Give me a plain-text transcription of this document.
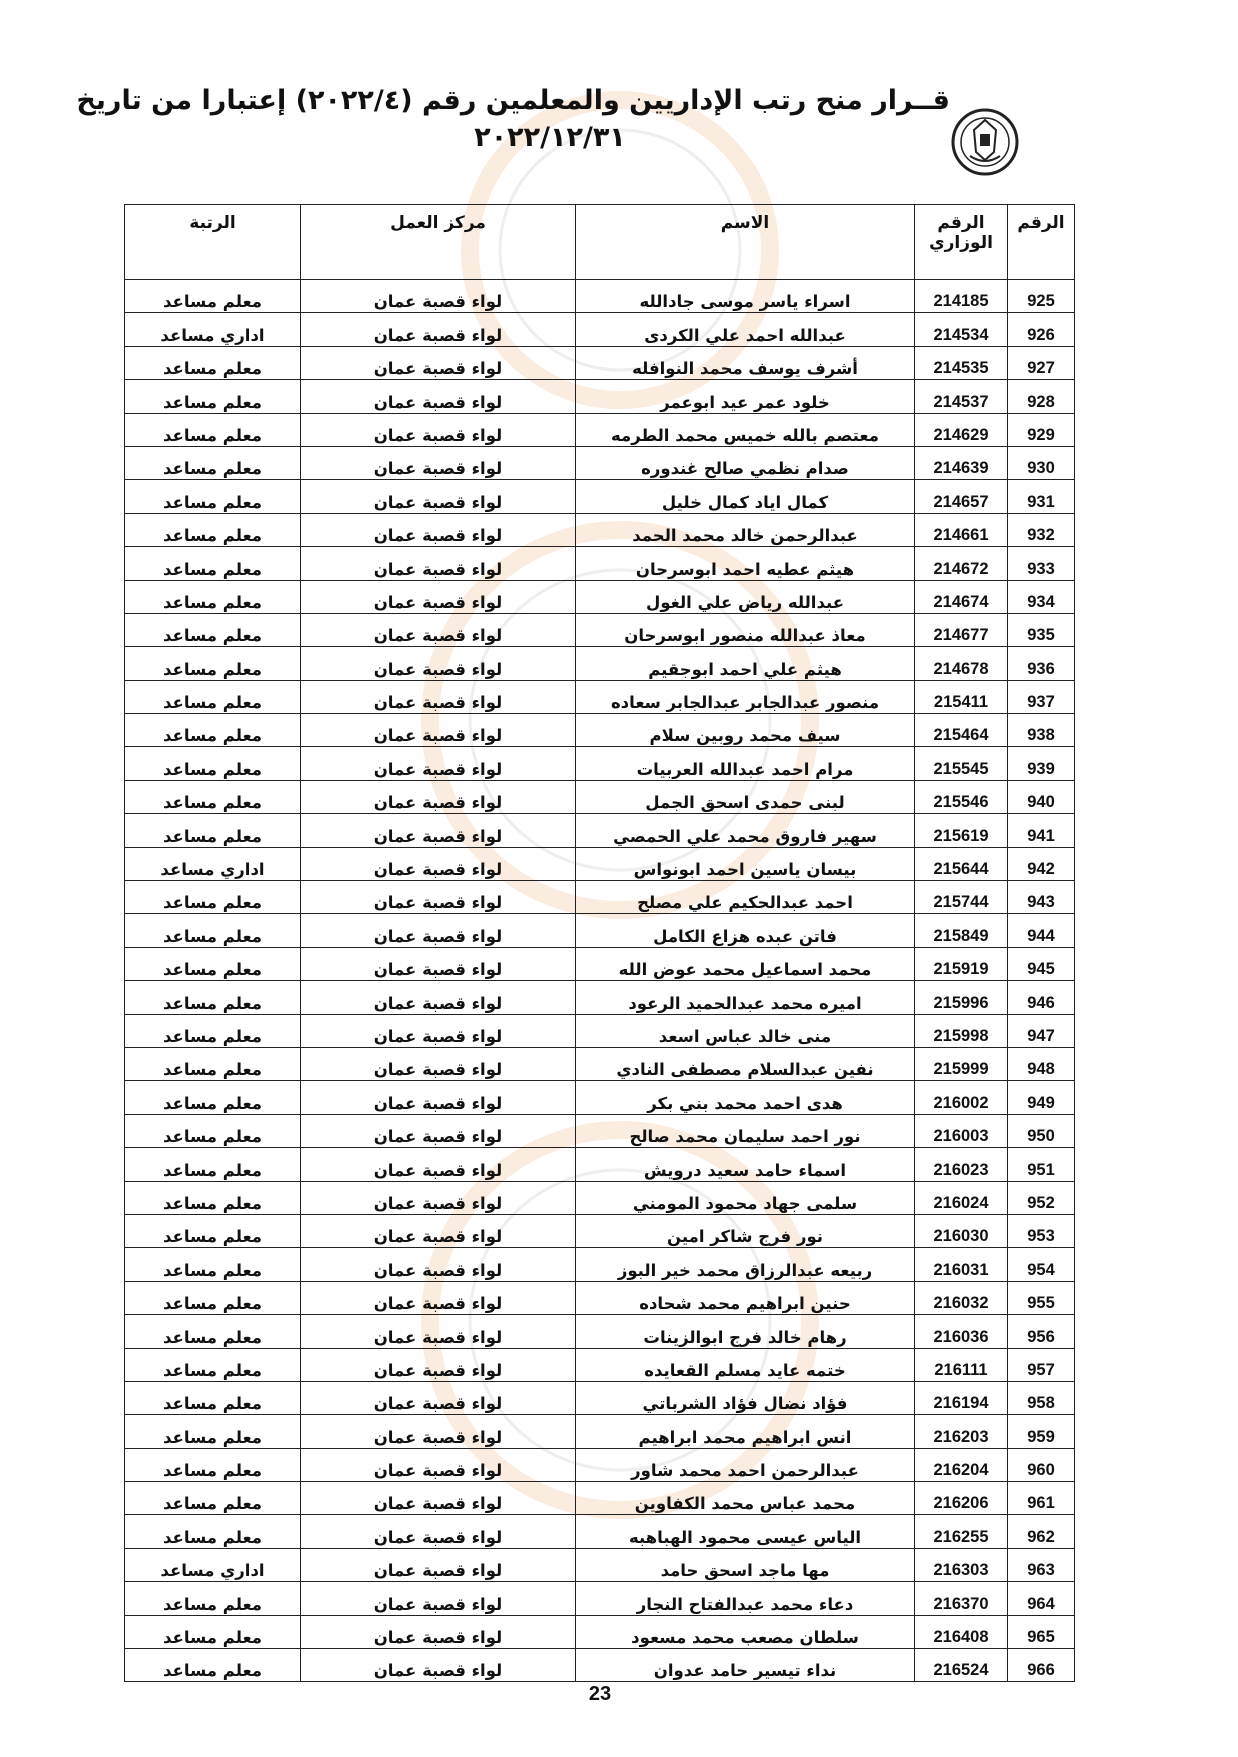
قــرار منح رتب الإداريين والمعلمين رقم (٢٠٢٢/٤) إعتبارا من تاريخ
٢٠٢٢/١٢/٣١
الرقم	الرقم الوزاري	الاسم	مركز العمل	الرتبة
925	214185	اسراء ياسر موسى جادالله	لواء قصبة عمان	معلم مساعد
926	214534	عبدالله احمد علي الكردى	لواء قصبة عمان	اداري مساعد
927	214535	أشرف يوسف محمد النوافله	لواء قصبة عمان	معلم مساعد
928	214537	خلود عمر عيد ابوعمر	لواء قصبة عمان	معلم مساعد
929	214629	معتصم بالله خميس محمد الطرمه	لواء قصبة عمان	معلم مساعد
930	214639	صدام نظمي صالح غندوره	لواء قصبة عمان	معلم مساعد
931	214657	كمال اياد كمال خليل	لواء قصبة عمان	معلم مساعد
932	214661	عبدالرحمن خالد محمد الحمد	لواء قصبة عمان	معلم مساعد
933	214672	هيثم عطيه احمد ابوسرحان	لواء قصبة عمان	معلم مساعد
934	214674	عبدالله رياض علي الغول	لواء قصبة عمان	معلم مساعد
935	214677	معاذ عبدالله منصور ابوسرحان	لواء قصبة عمان	معلم مساعد
936	214678	هيثم علي احمد ابوجقيم	لواء قصبة عمان	معلم مساعد
937	215411	منصور عبدالجابر عبدالجابر سعاده	لواء قصبة عمان	معلم مساعد
938	215464	سيف محمد روبين سلام	لواء قصبة عمان	معلم مساعد
939	215545	مرام احمد عبدالله العربيات	لواء قصبة عمان	معلم مساعد
940	215546	لبنى حمدى اسحق الجمل	لواء قصبة عمان	معلم مساعد
941	215619	سهير فاروق محمد علي الحمصي	لواء قصبة عمان	معلم مساعد
942	215644	بيسان ياسين احمد ابونواس	لواء قصبة عمان	اداري مساعد
943	215744	احمد عبدالحكيم علي مصلح	لواء قصبة عمان	معلم مساعد
944	215849	فاتن عبده هزاع الكامل	لواء قصبة عمان	معلم مساعد
945	215919	محمد اسماعيل محمد عوض الله	لواء قصبة عمان	معلم مساعد
946	215996	اميره محمد عبدالحميد الرعود	لواء قصبة عمان	معلم مساعد
947	215998	منى خالد عباس اسعد	لواء قصبة عمان	معلم مساعد
948	215999	نفين عبدالسلام مصطفى النادي	لواء قصبة عمان	معلم مساعد
949	216002	هدى احمد محمد بني بكر	لواء قصبة عمان	معلم مساعد
950	216003	نور احمد سليمان محمد صالح	لواء قصبة عمان	معلم مساعد
951	216023	اسماء حامد سعيد درويش	لواء قصبة عمان	معلم مساعد
952	216024	سلمى جهاد محمود المومني	لواء قصبة عمان	معلم مساعد
953	216030	نور فرج شاكر امين	لواء قصبة عمان	معلم مساعد
954	216031	ربيعه عبدالرزاق محمد خير البوز	لواء قصبة عمان	معلم مساعد
955	216032	حنين ابراهيم محمد شحاده	لواء قصبة عمان	معلم مساعد
956	216036	رهام خالد فرج ابوالزينات	لواء قصبة عمان	معلم مساعد
957	216111	ختمه عايد مسلم القعايده	لواء قصبة عمان	معلم مساعد
958	216194	فؤاد نضال فؤاد الشرباتي	لواء قصبة عمان	معلم مساعد
959	216203	انس ابراهيم محمد ابراهيم	لواء قصبة عمان	معلم مساعد
960	216204	عبدالرحمن احمد محمد شاور	لواء قصبة عمان	معلم مساعد
961	216206	محمد عباس محمد الكفاوين	لواء قصبة عمان	معلم مساعد
962	216255	الياس عيسى محمود الهباهبه	لواء قصبة عمان	معلم مساعد
963	216303	مها ماجد اسحق حامد	لواء قصبة عمان	اداري مساعد
964	216370	دعاء محمد عبدالفتاح النجار	لواء قصبة عمان	معلم مساعد
965	216408	سلطان مصعب محمد مسعود	لواء قصبة عمان	معلم مساعد
966	216524	نداء تيسير حامد عدوان	لواء قصبة عمان	معلم مساعد
23
